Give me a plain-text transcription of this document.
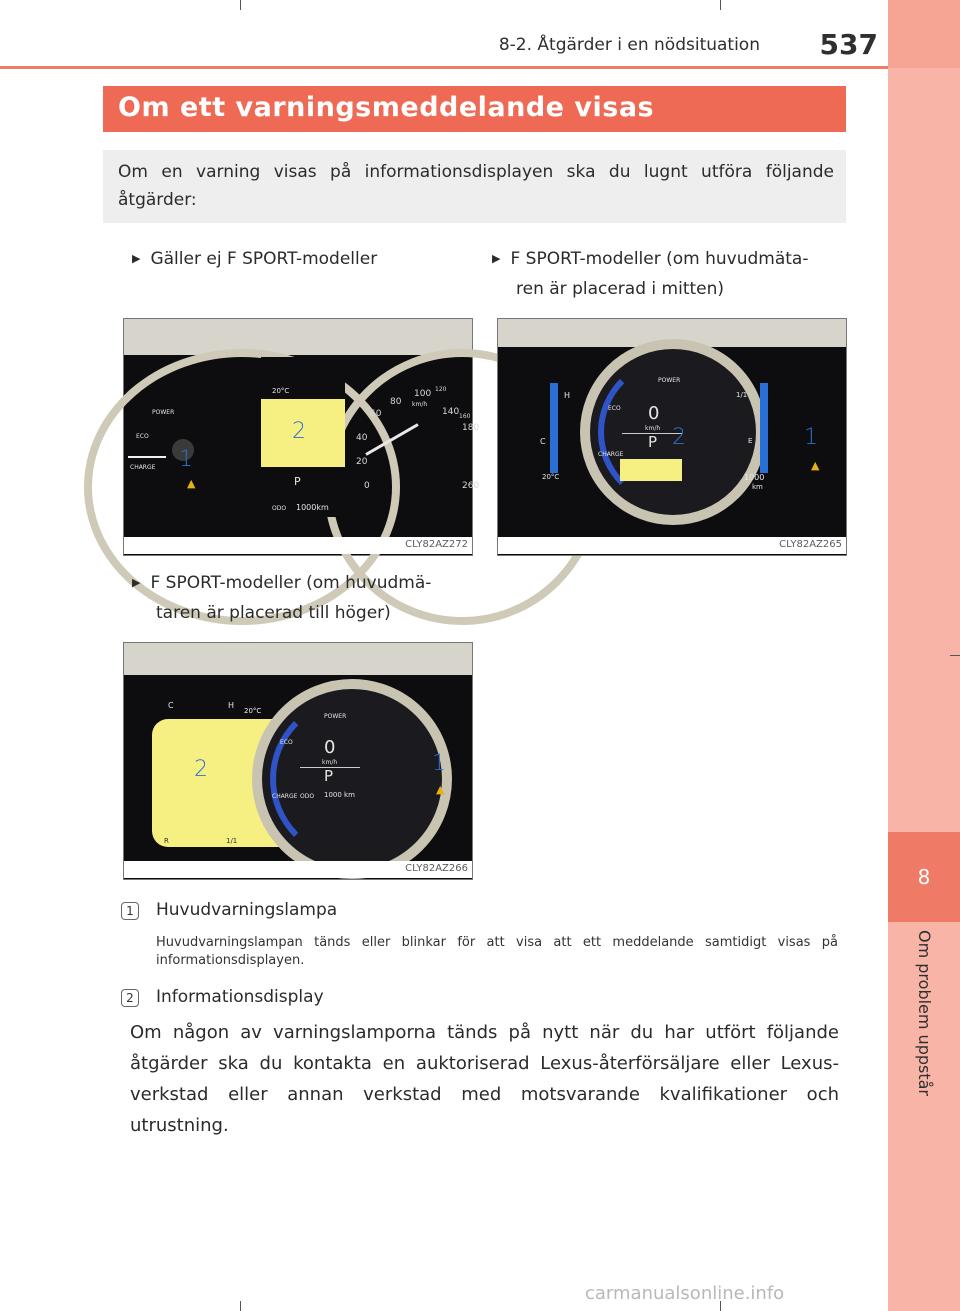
8
Om problem uppstår
8-2. Åtgärder i en nödsituation	537
Om ett varningsmeddelande visas
Om en varning visas på informationsdisplayen ska du lugnt utföra följande åtgärder:
▶ Gäller ej F SPORT-modeller	▶ F SPORT-modeller (om huvudmäta-
ren är placerad i mitten)
POWER
ECO
CHARGE
20°C
P
ODO 1000km
100 120
80
140
60	160
40
180
20
0	260
km/h
1
2
▲
CLY82AZ272
POWER
ECO
CHARGE
0
km/h
P
H
C
20°C
1/1
E
1000
km
2	1
▲
CLY82AZ265
▶ F SPORT-modeller (om huvudmä-
taren är placerad till höger)
C	H
20°C
R	1/1
POWER
ECO
CHARGE
0
km/h
P
ODO 1000 km
2	1
▲
CLY82AZ266
1	Huvudvarningslampa
Huvudvarningslampan tänds eller blinkar för att visa att ett meddelande samtidigt visas på informationsdisplayen.
2	Informationsdisplay
Om någon av varningslamporna tänds på nytt när du har utfört följande åtgärder ska du kontakta en auktoriserad Lexus-återförsäljare eller Lexus-verkstad eller annan verkstad med motsvarande kvalifikationer och utrustning.
carmanualsonline.info
